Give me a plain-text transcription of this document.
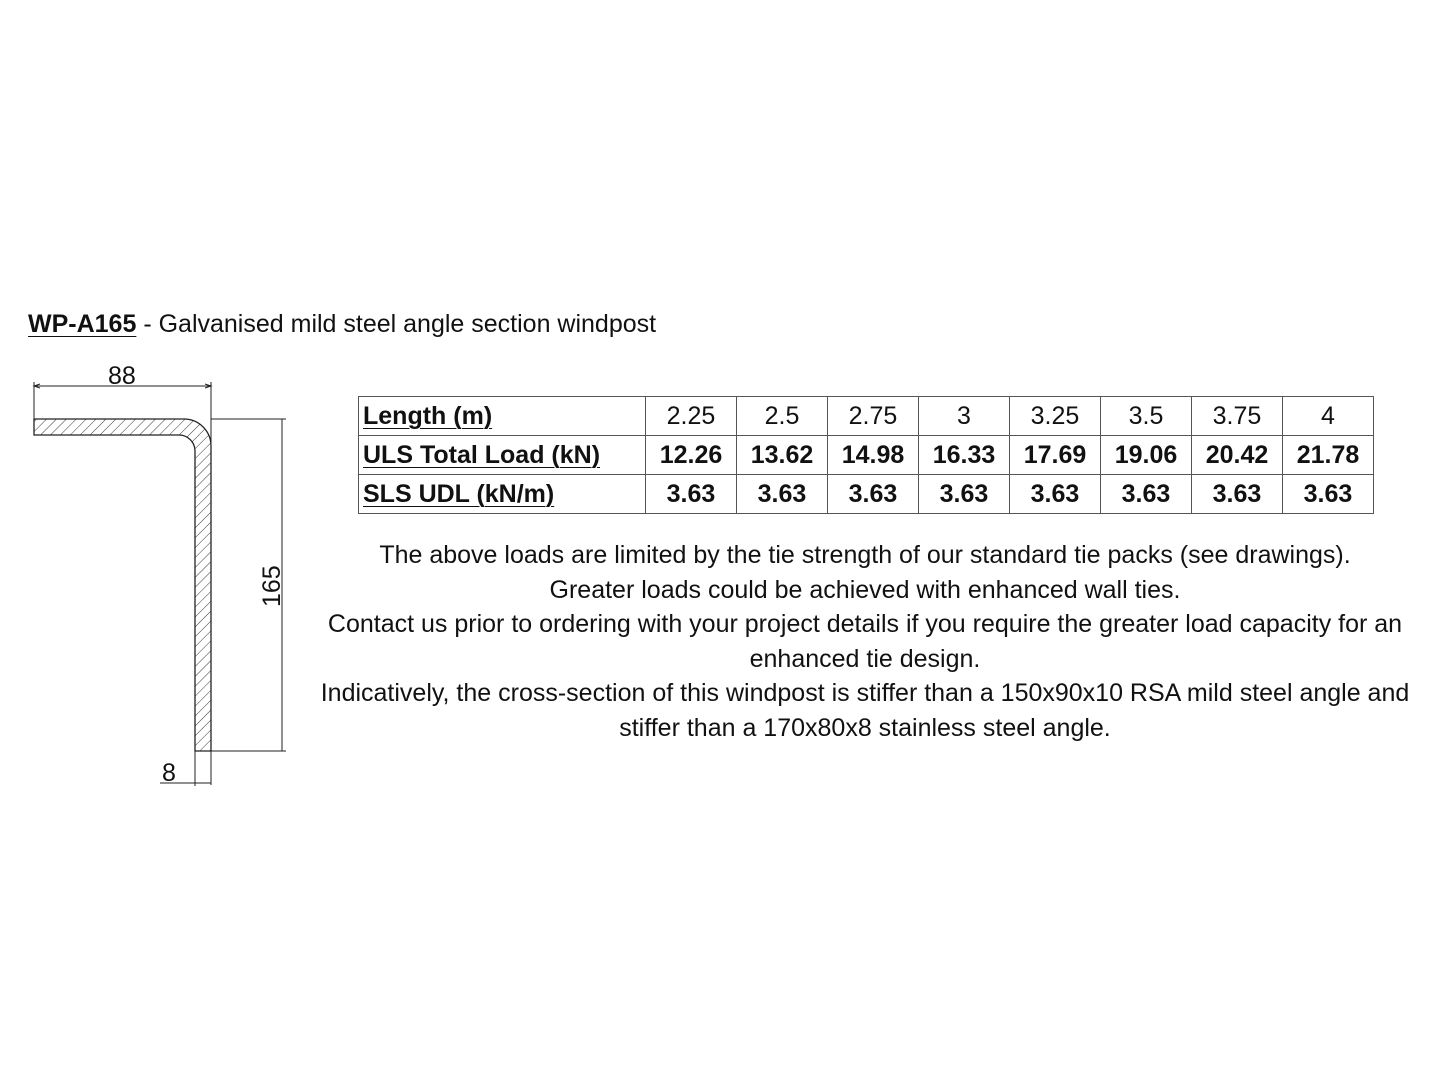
WP-A165 - Galvanised mild steel angle section windpost
88
165
8
Length (m)	2.25	2.5	2.75	3	3.25	3.5	3.75	4
ULS Total Load (kN)	12.26	13.62	14.98	16.33	17.69	19.06	20.42	21.78
SLS UDL (kN/m)	3.63	3.63	3.63	3.63	3.63	3.63	3.63	3.63

The above loads are limited by the tie strength of our standard tie packs (see drawings).

Greater loads could be achieved with enhanced wall ties.

Contact us prior to ordering with your project details if you require the greater load capacity for an enhanced tie design.

Indicatively, the cross-section of this windpost is stiffer than a 150x90x10 RSA mild steel angle and stiffer than a 170x80x8 stainless steel angle.
